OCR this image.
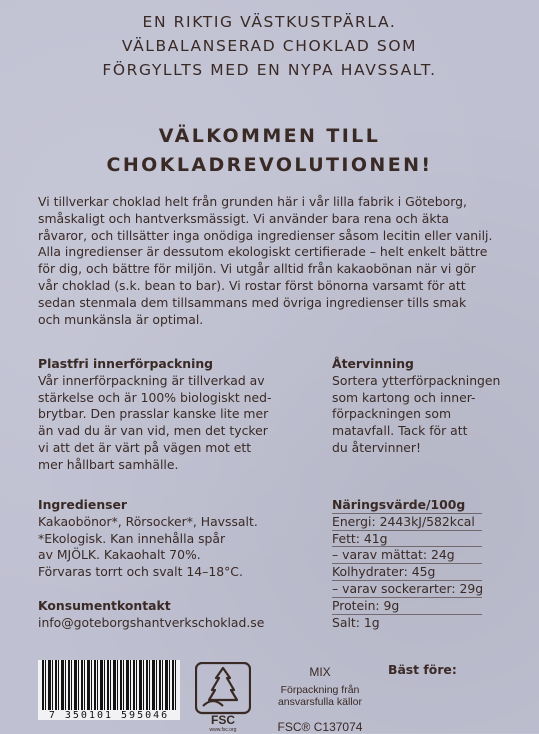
EN RIKTIG VÄSTKUSTPÄRLA.
VÄLBALANSERAD CHOKLAD SOM
FÖRGYLLTS MED EN NYPA HAVSSALT.
VÄLKOMMEN TILL
CHOKLADREVOLUTIONEN!
Vi tillverkar choklad helt från grunden här i vår lilla fabrik i Göteborg,
småskaligt och hantverksmässigt. Vi använder bara rena och äkta
råvaror, och tillsätter inga onödiga ingredienser såsom lecitin eller vanilj.
Alla ingredienser är dessutom ekologiskt certifierade – helt enkelt bättre
för dig, och bättre för miljön. Vi utgår alltid från kakaobönan när vi gör
vår choklad (s.k. bean to bar). Vi rostar först bönorna varsamt för att
sedan stenmala dem tillsammans med övriga ingredienser tills smak
och munkänsla är optimal.
Plastfri innerförpackning
Vår innerförpackning är tillverkad av
stärkelse och är 100% biologiskt ned-
brytbar. Den prasslar kanske lite mer
än vad du är van vid, men det tycker
vi att det är värt på vägen mot ett
mer hållbart samhälle.
Återvinning
Sortera ytterförpackningen
som kartong och inner-
förpackningen som
matavfall. Tack för att
du återvinner!
Ingredienser
Kakaobönor*, Rörsocker*, Havssalt.
*Ekologisk. Kan innehålla spår
av MJÖLK. Kakaohalt 70%.
Förvaras torrt och svalt 14–18°C.
Näringsvärde/100g
Energi: 2443kJ/582kcal
Fett: 41g
– varav mättat: 24g
Kolhydrater: 45g
– varav sockerarter: 29g
Protein: 9g
Salt: 1g
Konsumentkontakt
info@goteborgshantverkschoklad.se
7 350101 595046	FSC
www.fsc.org
MIX
Förpackning från
ansvarsfulla källor
FSC® C137074
Bäst före:
